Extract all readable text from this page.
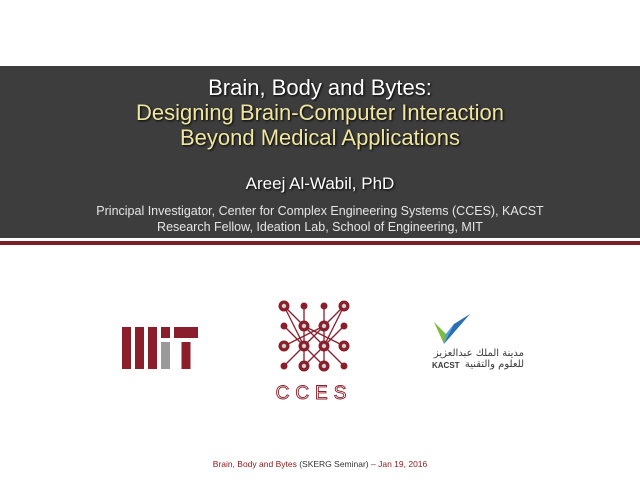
Brain, Body and Bytes:
Designing Brain-Computer Interaction
Beyond Medical Applications
Areej Al-Wabil, PhD
Principal Investigator, Center for Complex Engineering Systems (CCES), KACST
Research Fellow, Ideation Lab, School of Engineering, MIT
CCES
مدينة الملك عبدالعزيز
للعلوم والتقنية
KACST
Brain, Body and Bytes (SKERG Seminar) – Jan 19, 2016
